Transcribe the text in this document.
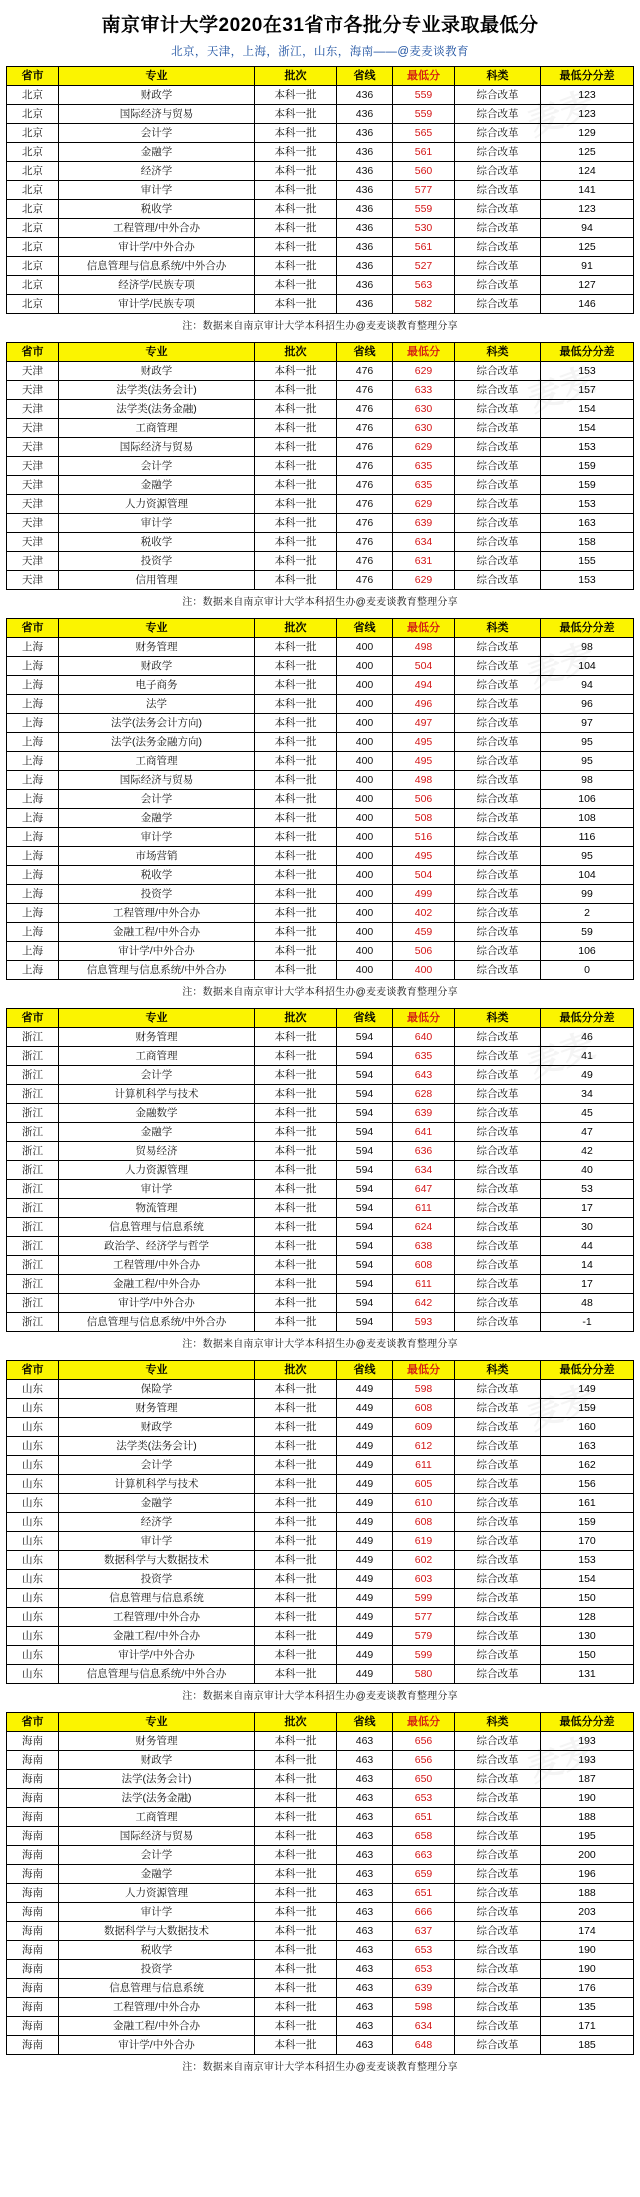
南京审计大学2020在31省市各批分专业录取最低分
北京，天津，上海，浙江，山东，海南——@麦麦谈教育
省市	专业	批次	省线	最低分	科类	最低分分差
北京	财政学	本科一批	436	559	综合改革	123
北京	国际经济与贸易	本科一批	436	559	综合改革	123
北京	会计学	本科一批	436	565	综合改革	129
北京	金融学	本科一批	436	561	综合改革	125
北京	经济学	本科一批	436	560	综合改革	124
北京	审计学	本科一批	436	577	综合改革	141
北京	税收学	本科一批	436	559	综合改革	123
北京	工程管理/中外合办	本科一批	436	530	综合改革	94
北京	审计学/中外合办	本科一批	436	561	综合改革	125
北京	信息管理与信息系统/中外合办	本科一批	436	527	综合改革	91
北京	经济学/民族专项	本科一批	436	563	综合改革	127
北京	审计学/民族专项	本科一批	436	582	综合改革	146
注：数据来自南京审计大学本科招生办@麦麦谈教育整理分享
省市	专业	批次	省线	最低分	科类	最低分分差
天津	财政学	本科一批	476	629	综合改革	153
天津	法学类(法务会计)	本科一批	476	633	综合改革	157
天津	法学类(法务金融)	本科一批	476	630	综合改革	154
天津	工商管理	本科一批	476	630	综合改革	154
天津	国际经济与贸易	本科一批	476	629	综合改革	153
天津	会计学	本科一批	476	635	综合改革	159
天津	金融学	本科一批	476	635	综合改革	159
天津	人力资源管理	本科一批	476	629	综合改革	153
天津	审计学	本科一批	476	639	综合改革	163
天津	税收学	本科一批	476	634	综合改革	158
天津	投资学	本科一批	476	631	综合改革	155
天津	信用管理	本科一批	476	629	综合改革	153
注：数据来自南京审计大学本科招生办@麦麦谈教育整理分享
省市	专业	批次	省线	最低分	科类	最低分分差
上海	财务管理	本科一批	400	498	综合改革	98
上海	财政学	本科一批	400	504	综合改革	104
上海	电子商务	本科一批	400	494	综合改革	94
上海	法学	本科一批	400	496	综合改革	96
上海	法学(法务会计方向)	本科一批	400	497	综合改革	97
上海	法学(法务金融方向)	本科一批	400	495	综合改革	95
上海	工商管理	本科一批	400	495	综合改革	95
上海	国际经济与贸易	本科一批	400	498	综合改革	98
上海	会计学	本科一批	400	506	综合改革	106
上海	金融学	本科一批	400	508	综合改革	108
上海	审计学	本科一批	400	516	综合改革	116
上海	市场营销	本科一批	400	495	综合改革	95
上海	税收学	本科一批	400	504	综合改革	104
上海	投资学	本科一批	400	499	综合改革	99
上海	工程管理/中外合办	本科一批	400	402	综合改革	2
上海	金融工程/中外合办	本科一批	400	459	综合改革	59
上海	审计学/中外合办	本科一批	400	506	综合改革	106
上海	信息管理与信息系统/中外合办	本科一批	400	400	综合改革	0
注：数据来自南京审计大学本科招生办@麦麦谈教育整理分享
省市	专业	批次	省线	最低分	科类	最低分分差
浙江	财务管理	本科一批	594	640	综合改革	46
浙江	工商管理	本科一批	594	635	综合改革	41
浙江	会计学	本科一批	594	643	综合改革	49
浙江	计算机科学与技术	本科一批	594	628	综合改革	34
浙江	金融数学	本科一批	594	639	综合改革	45
浙江	金融学	本科一批	594	641	综合改革	47
浙江	贸易经济	本科一批	594	636	综合改革	42
浙江	人力资源管理	本科一批	594	634	综合改革	40
浙江	审计学	本科一批	594	647	综合改革	53
浙江	物流管理	本科一批	594	611	综合改革	17
浙江	信息管理与信息系统	本科一批	594	624	综合改革	30
浙江	政治学、经济学与哲学	本科一批	594	638	综合改革	44
浙江	工程管理/中外合办	本科一批	594	608	综合改革	14
浙江	金融工程/中外合办	本科一批	594	611	综合改革	17
浙江	审计学/中外合办	本科一批	594	642	综合改革	48
浙江	信息管理与信息系统/中外合办	本科一批	594	593	综合改革	-1
注：数据来自南京审计大学本科招生办@麦麦谈教育整理分享
省市	专业	批次	省线	最低分	科类	最低分分差
山东	保险学	本科一批	449	598	综合改革	149
山东	财务管理	本科一批	449	608	综合改革	159
山东	财政学	本科一批	449	609	综合改革	160
山东	法学类(法务会计)	本科一批	449	612	综合改革	163
山东	会计学	本科一批	449	611	综合改革	162
山东	计算机科学与技术	本科一批	449	605	综合改革	156
山东	金融学	本科一批	449	610	综合改革	161
山东	经济学	本科一批	449	608	综合改革	159
山东	审计学	本科一批	449	619	综合改革	170
山东	数据科学与大数据技术	本科一批	449	602	综合改革	153
山东	投资学	本科一批	449	603	综合改革	154
山东	信息管理与信息系统	本科一批	449	599	综合改革	150
山东	工程管理/中外合办	本科一批	449	577	综合改革	128
山东	金融工程/中外合办	本科一批	449	579	综合改革	130
山东	审计学/中外合办	本科一批	449	599	综合改革	150
山东	信息管理与信息系统/中外合办	本科一批	449	580	综合改革	131
注：数据来自南京审计大学本科招生办@麦麦谈教育整理分享
省市	专业	批次	省线	最低分	科类	最低分分差
海南	财务管理	本科一批	463	656	综合改革	193
海南	财政学	本科一批	463	656	综合改革	193
海南	法学(法务会计)	本科一批	463	650	综合改革	187
海南	法学(法务金融)	本科一批	463	653	综合改革	190
海南	工商管理	本科一批	463	651	综合改革	188
海南	国际经济与贸易	本科一批	463	658	综合改革	195
海南	会计学	本科一批	463	663	综合改革	200
海南	金融学	本科一批	463	659	综合改革	196
海南	人力资源管理	本科一批	463	651	综合改革	188
海南	审计学	本科一批	463	666	综合改革	203
海南	数据科学与大数据技术	本科一批	463	637	综合改革	174
海南	税收学	本科一批	463	653	综合改革	190
海南	投资学	本科一批	463	653	综合改革	190
海南	信息管理与信息系统	本科一批	463	639	综合改革	176
海南	工程管理/中外合办	本科一批	463	598	综合改革	135
海南	金融工程/中外合办	本科一批	463	634	综合改革	171
海南	审计学/中外合办	本科一批	463	648	综合改革	185
注：数据来自南京审计大学本科招生办@麦麦谈教育整理分享
